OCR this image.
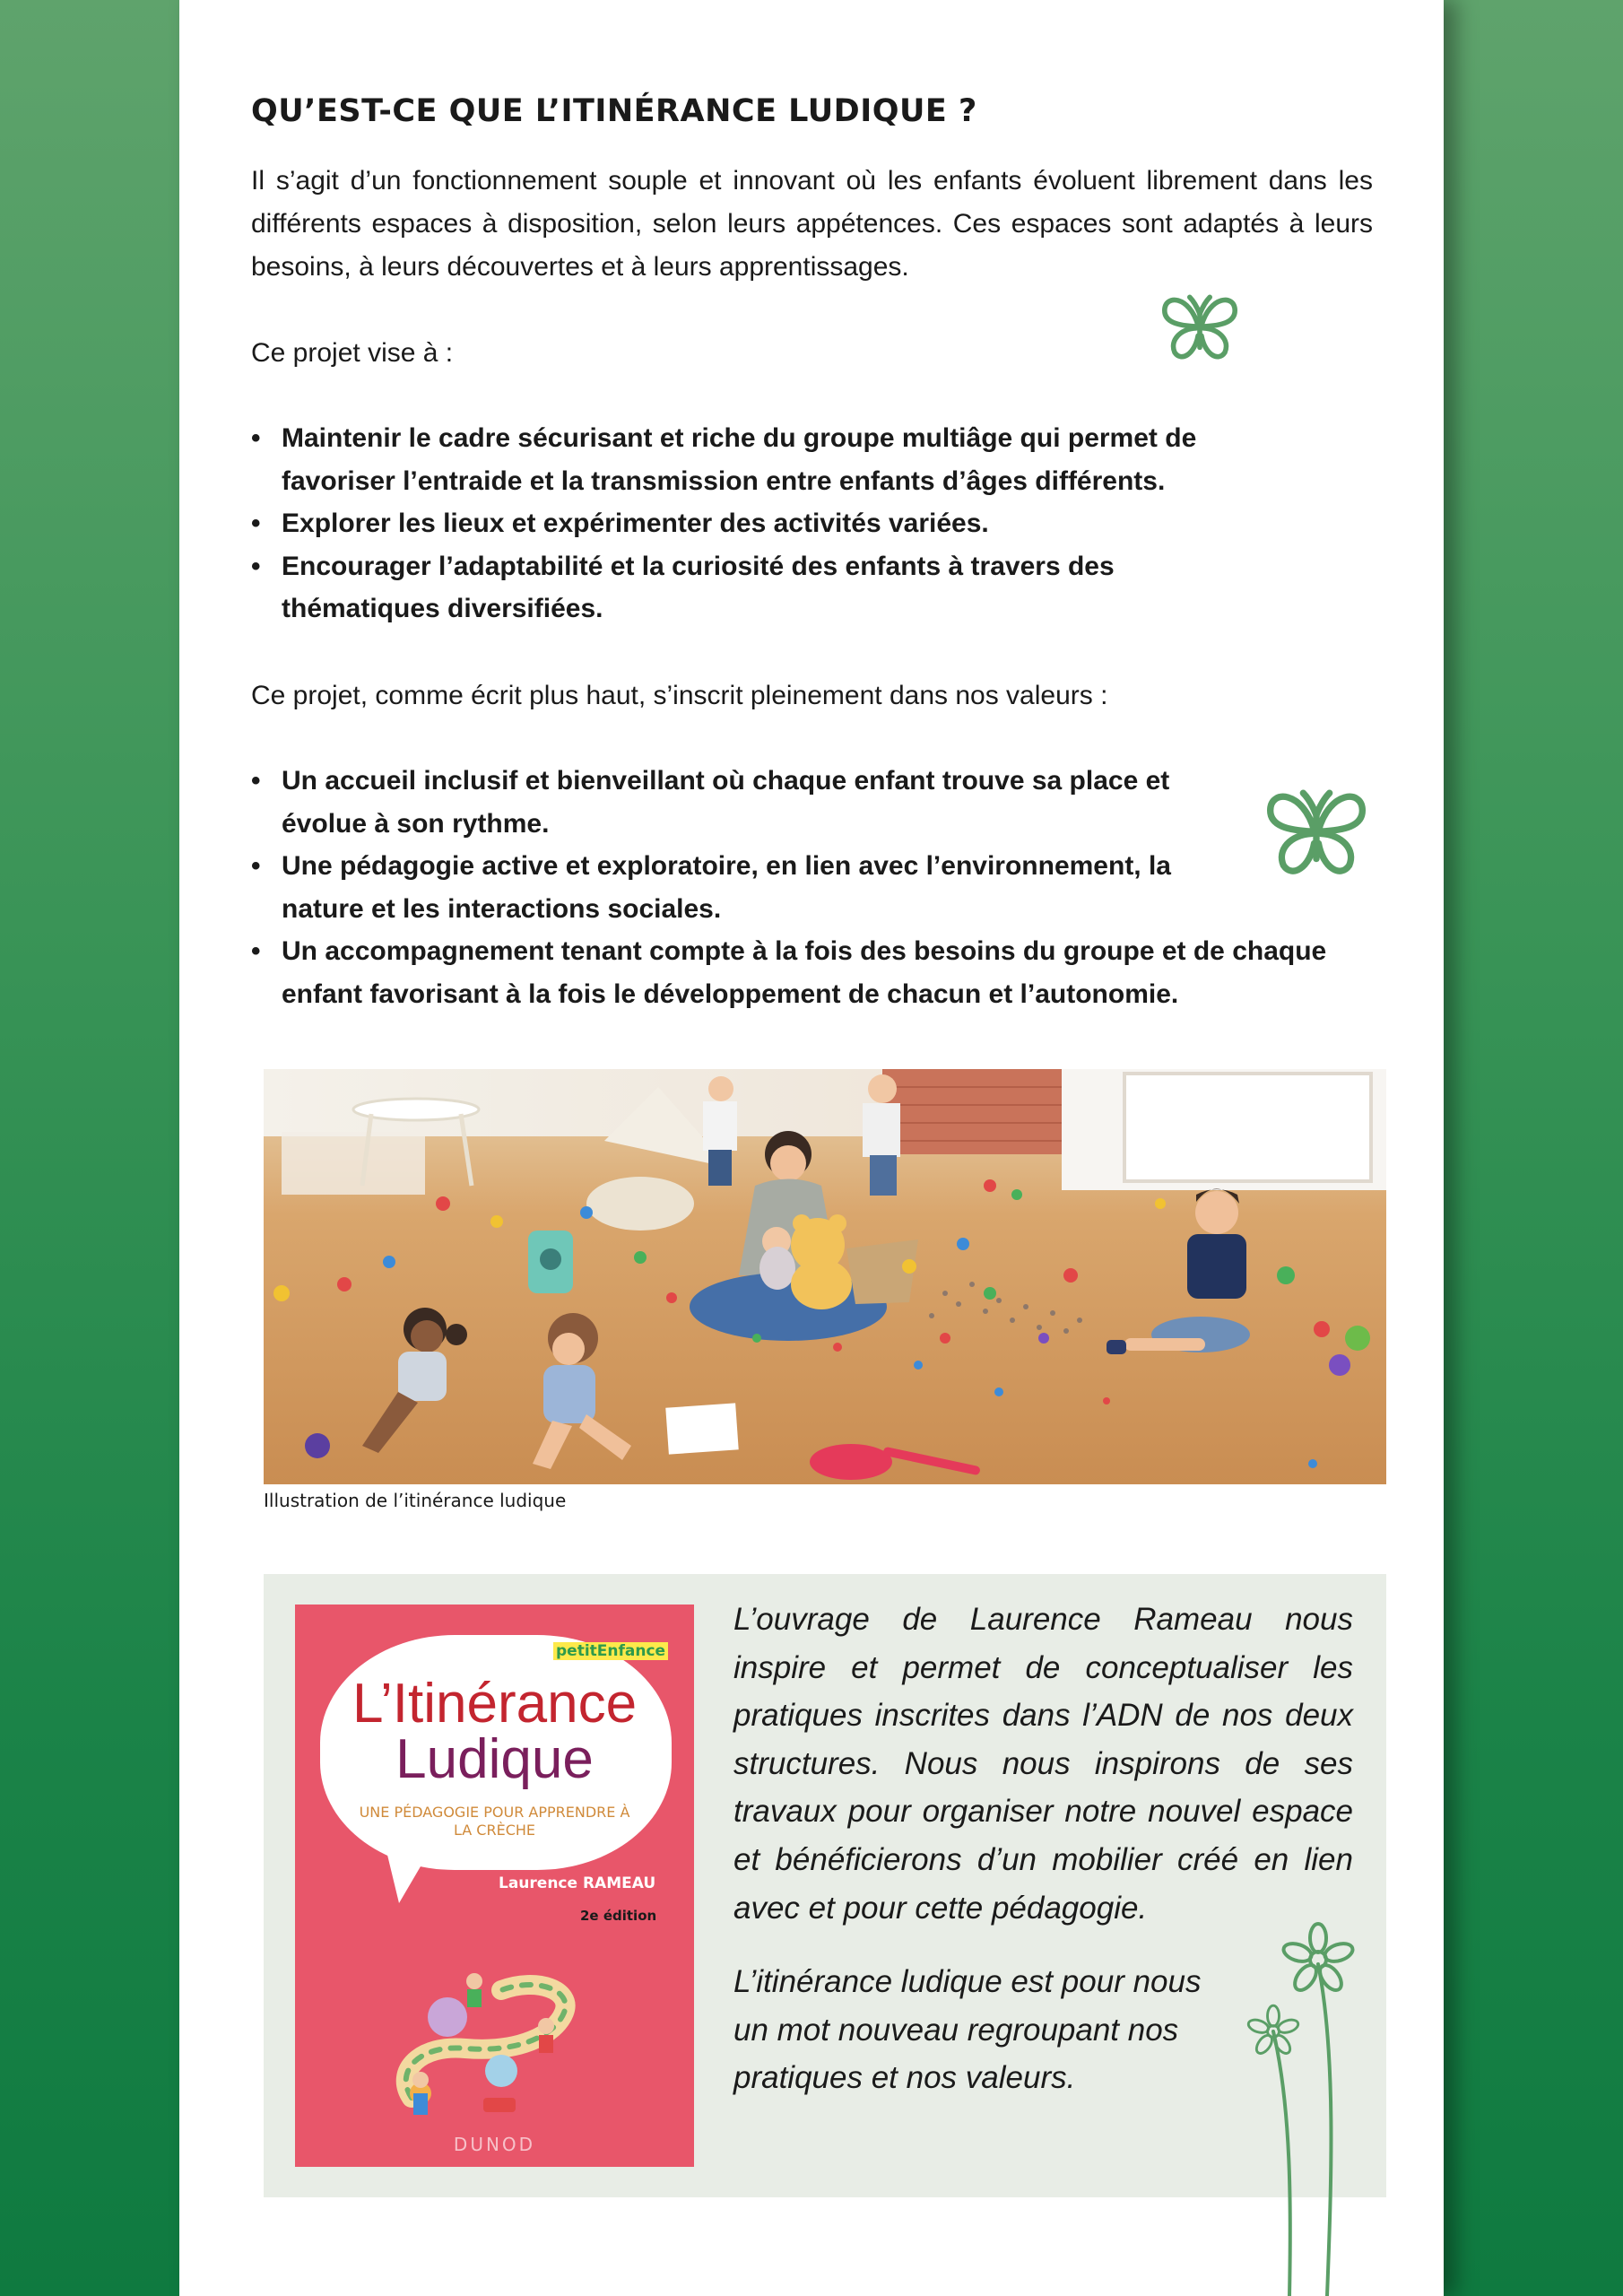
QU’EST-CE QUE L’ITINÉRANCE LUDIQUE ?

Il s’agit d’un fonctionnement souple et innovant où les enfants évoluent librement dans les différents espaces à disposition, selon leurs appétences. Ces espaces sont adaptés à leurs besoins, à leurs découvertes et à leurs apprentissages.

Ce projet vise à :

• Maintenir le cadre sécurisant et riche du groupe multiâge qui permet de favoriser l’entraide et la transmission entre enfants d’âges différents.
• Explorer les lieux et expérimenter des activités variées.
• Encourager l’adaptabilité et la curiosité des enfants à travers des thématiques diversifiées.

Ce projet, comme écrit plus haut, s’inscrit pleinement dans nos valeurs :

• Un accueil inclusif et bienveillant où chaque enfant trouve sa place et évolue à son rythme.
• Une pédagogie active et exploratoire, en lien avec l’environnement, la nature et les interactions sociales.
• Un accompagnement tenant compte à la fois des besoins du groupe et de chaque enfant favorisant à la fois le développement de chacun et l’autonomie.

Illustration de l’itinérance ludique

petitEnfance

L’Itinérance

Ludique

UNE PÉDAGOGIE POUR APPRENDRE À LA CRÈCHE

Laurence RAMEAU

2e édition

DUNOD

L’ouvrage de Laurence Rameau nous inspire et permet de conceptualiser les pratiques inscrites dans l’ADN de nos deux structures. Nous nous inspirons de ses travaux pour organiser notre nouvel espace et bénéficierons d’un mobilier créé en lien avec et pour cette pédagogie.

L’itinérance ludique est pour nous un mot nouveau regroupant nos pratiques et nos valeurs.
